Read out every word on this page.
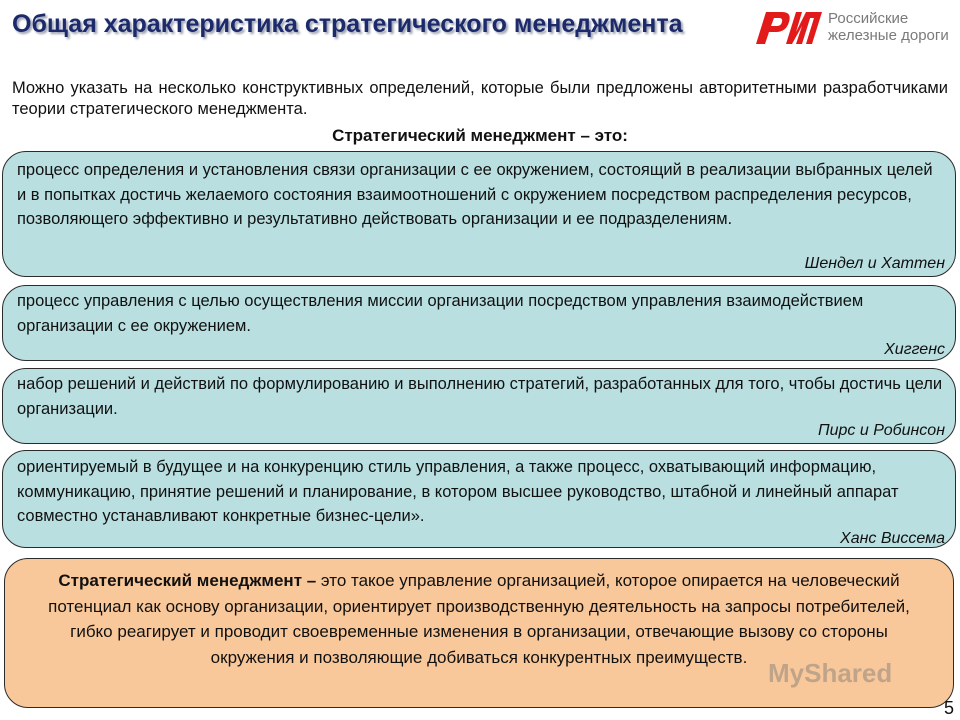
Общая характеристика стратегического менеджмента	Российские
железные дороги
Можно указать на несколько конструктивных определений, которые были предложены авторитетными разработчиками теории стратегического менеджмента.
Стратегический менеджмент – это:
процесс определения и установления связи организации с ее окружением, состоящий в реализации выбранных целей и в попытках достичь желаемого состояния взаимоотношений с окружением посредством распределения ресурсов, позволяющего эффективно и результативно действовать организации и ее подразделениям.
Шендел и Хаттен
процесс управления с целью осуществления миссии организации посредством управления взаимодействием организации с ее окружением.
Хиггенс
набор решений и действий по формулированию и выполнению стратегий, разработанных для того, чтобы достичь цели организации.
Пирс и Робинсон
ориентируемый в будущее и на конкуренцию стиль управления, а также процесс, охватывающий информацию, коммуникацию, принятие решений и планирование, в котором высшее руководство, штабной и линейный аппарат совместно устанавливают конкретные бизнес-цели».
Ханс Виссема
Стратегический менеджмент – это такое управление организацией, которое опирается на человеческий потенциал как основу организации, ориентирует производственную деятельность на запросы потребителей, гибко реагирует и проводит своевременные изменения в организации, отвечающие вызову со стороны окружения и позволяющие добиваться конкурентных преимуществ.
MyShared
5
